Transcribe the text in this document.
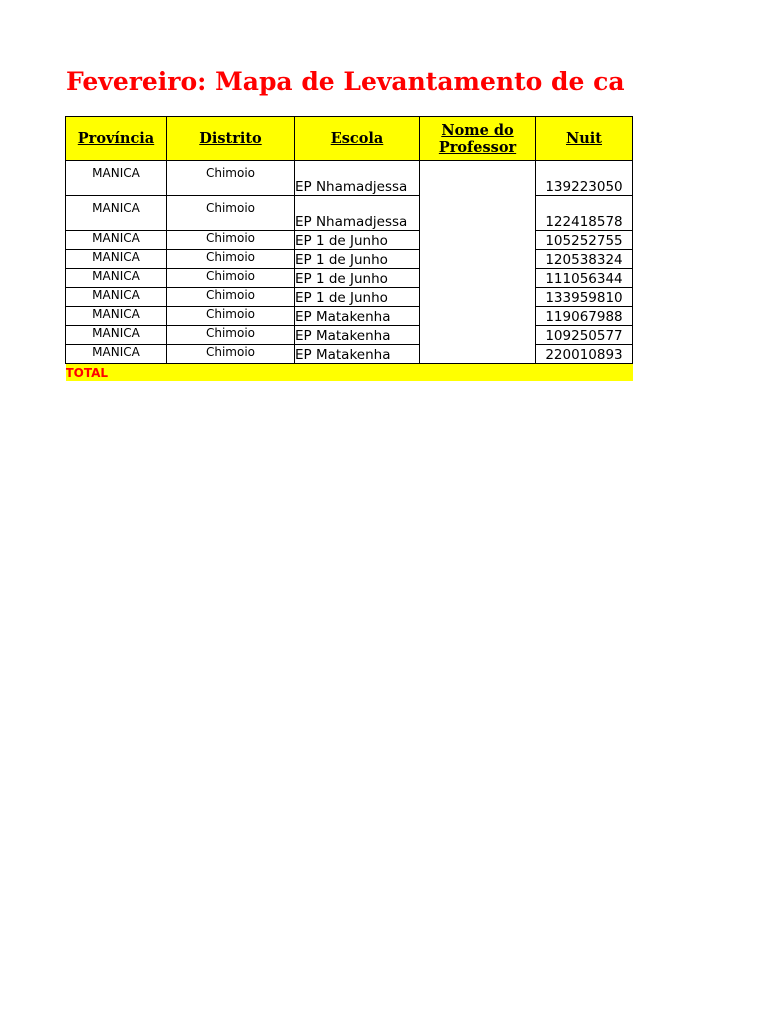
Fevereiro: Mapa de Levantamento de ca
Província	Distrito	Escola	Nome do Professor	Nuit
MANICA	Chimoio	EP Nhamadjessa		139223050
MANICA	Chimoio	EP Nhamadjessa		122418578
MANICA	Chimoio	EP 1 de Junho		105252755
MANICA	Chimoio	EP 1 de Junho		120538324
MANICA	Chimoio	EP 1 de Junho		111056344
MANICA	Chimoio	EP 1 de Junho		133959810
MANICA	Chimoio	EP Matakenha		119067988
MANICA	Chimoio	EP Matakenha		109250577
MANICA	Chimoio	EP Matakenha		220010893
TOTAL				
